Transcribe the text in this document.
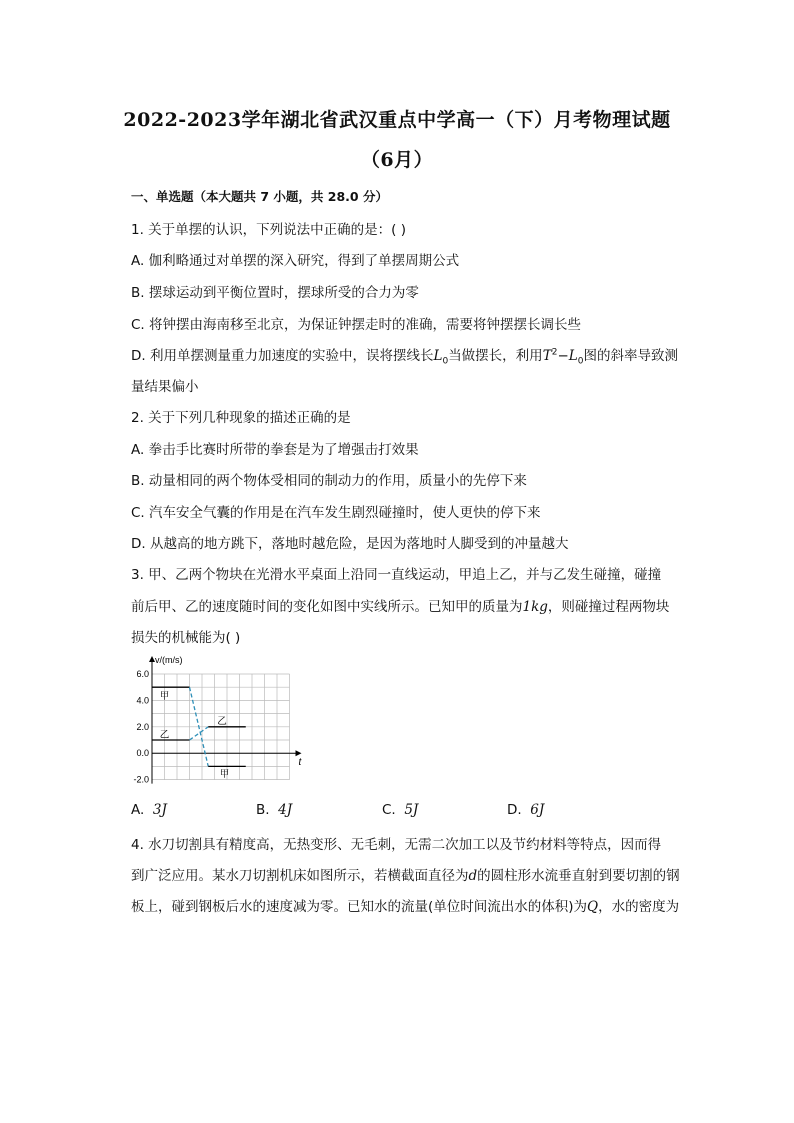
2022-2023学年湖北省武汉重点中学高一（下）月考物理试题
（6月）
一、单选题（本大题共 7 小题，共 28.0 分）
1. 关于单摆的认识，下列说法中正确的是：( )
A. 伽利略通过对单摆的深入研究，得到了单摆周期公式
B. 摆球运动到平衡位置时，摆球所受的合力为零
C. 将钟摆由海南移至北京，为保证钟摆走时的准确，需要将钟摆摆长调长些
D. 利用单摆测量重力加速度的实验中，误将摆线长$L_0$当做摆长，利用$T^2-L_0$图的斜率导致测
量结果偏小
2. 关于下列几种现象的描述正确的是
A. 拳击手比赛时所带的拳套是为了增强击打效果
B. 动量相同的两个物体受相同的制动力的作用，质量小的先停下来
C. 汽车安全气囊的作用是在汽车发生剧烈碰撞时，使人更快的停下来
D. 从越高的地方跳下，落地时越危险，是因为落地时人脚受到的冲量越大
3. 甲、乙两个物块在光滑水平桌面上沿同一直线运动，甲追上乙，并与乙发生碰撞，碰撞
前后甲、乙的速度随时间的变化如图中实线所示。已知甲的质量为1kg，则碰撞过程两物块
损失的机械能为( )
v/(m/s)
t
6.0
4.0
2.0
0.0
-2.0
甲
乙
乙
甲
A. 3J	B. 4J	C. 5J	D. 6J
4. 水刀切割具有精度高，无热变形、无毛刺，无需二次加工以及节约材料等特点，因而得
到广泛应用。某水刀切割机床如图所示，若横截面直径为d的圆柱形水流垂直射到要切割的钢
板上，碰到钢板后水的速度减为零。已知水的流量(单位时间流出水的体积)为Q，水的密度为
